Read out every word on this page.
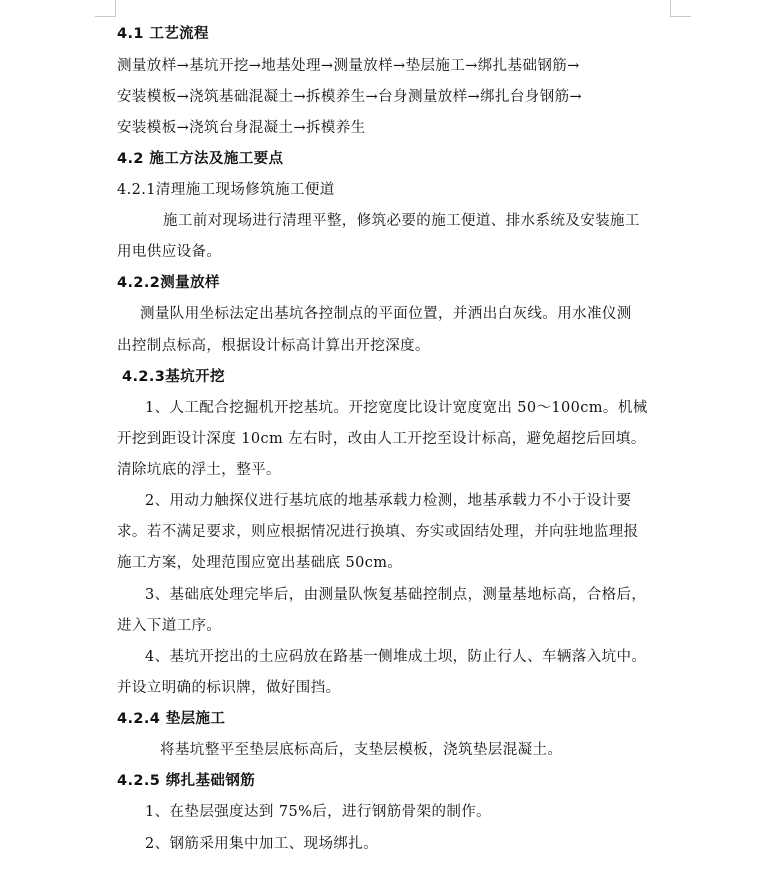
4.1 工艺流程
测量放样→基坑开挖→地基处理→测量放样→垫层施工→绑扎基础钢筋→
安装模板→浇筑基础混凝土→拆模养生→台身测量放样→绑扎台身钢筋→
安装模板→浇筑台身混凝土→拆模养生
4.2 施工方法及施工要点
4.2.1清理施工现场修筑施工便道
施工前对现场进行清理平整，修筑必要的施工便道、排水系统及安装施工
用电供应设备。
4.2.2测量放样
测量队用坐标法定出基坑各控制点的平面位置，并洒出白灰线。用水准仪测
出控制点标高，根据设计标高计算出开挖深度。
4.2.3基坑开挖
1、人工配合挖掘机开挖基坑。开挖宽度比设计宽度宽出 50～100cm。机械
开挖到距设计深度 10cm 左右时，改由人工开挖至设计标高，避免超挖后回填。
清除坑底的浮土，整平。
2、用动力触探仪进行基坑底的地基承载力检测，地基承载力不小于设计要
求。若不满足要求，则应根据情况进行换填、夯实或固结处理，并向驻地监理报
施工方案，处理范围应宽出基础底 50cm。
3、基础底处理完毕后，由测量队恢复基础控制点，测量基地标高，合格后，
进入下道工序。
4、基坑开挖出的土应码放在路基一侧堆成土坝，防止行人、车辆落入坑中。
并设立明确的标识牌，做好围挡。
4.2.4 垫层施工
将基坑整平至垫层底标高后，支垫层模板，浇筑垫层混凝土。
4.2.5 绑扎基础钢筋
1、在垫层强度达到 75%后，进行钢筋骨架的制作。
2、钢筋采用集中加工、现场绑扎。
